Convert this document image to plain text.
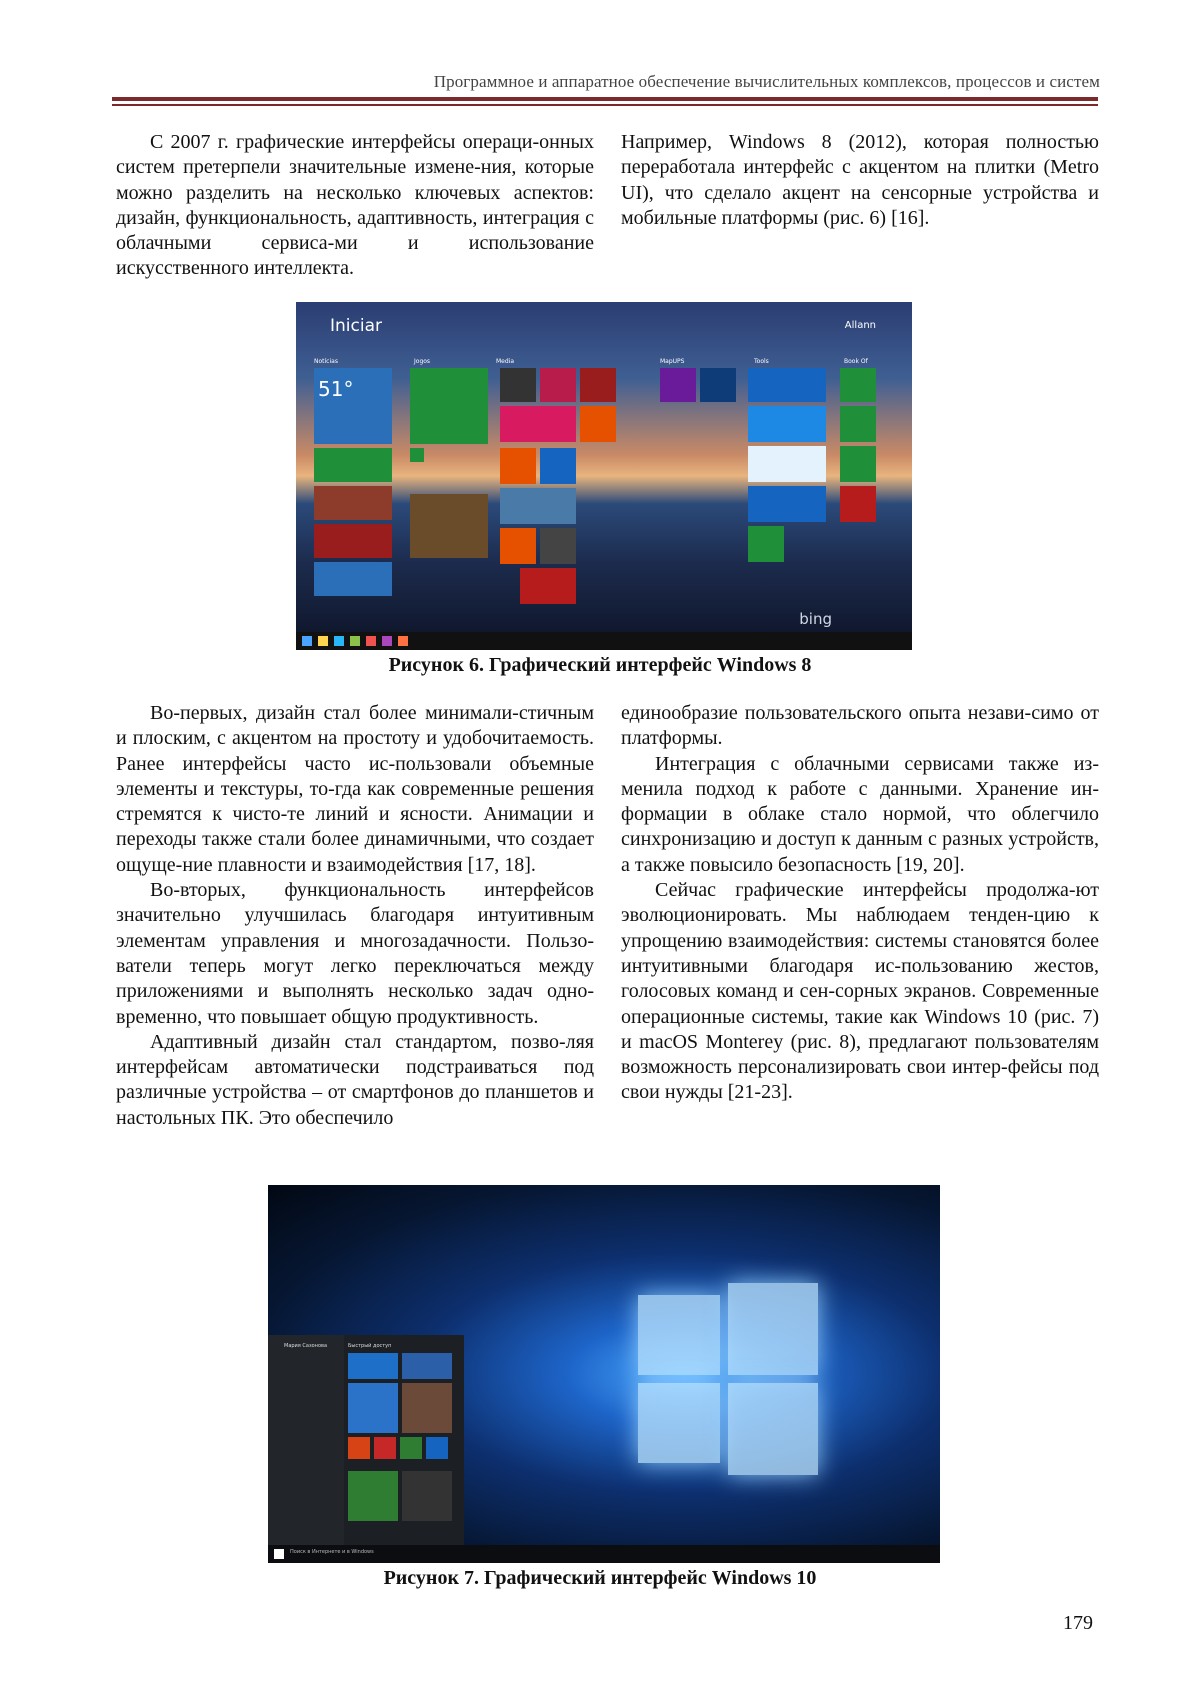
Программное и аппаратное обеспечение вычислительных комплексов, процессов и систем

С 2007 г. графические интерфейсы операци-онных систем претерпели значительные измене-ния, которые можно разделить на несколько ключевых аспектов: дизайн, функциональность, адаптивность, интеграция с облачными сервиса-ми и использование искусственного интеллекта.

Например, Windows 8 (2012), которая полностью переработала интерфейс с акцентом на плитки (Metro UI), что сделало акцент на сенсорные устройства и мобильные платформы (рис. 6) [16].

Iniciar	Allann
Notícias	Jogos	Media	MapUPS	Tools	Book Of
51°
bing
Рисунок 6. Графический интерфейс Windows 8

Во-первых, дизайн стал более минимали-стичным и плоским, с акцентом на простоту и удобочитаемость. Ранее интерфейсы часто ис-пользовали объемные элементы и текстуры, то-гда как современные решения стремятся к чисто-те линий и ясности. Анимации и переходы также стали более динамичными, что создает ощуще-ние плавности и взаимодействия [17, 18].

Во-вторых, функциональность интерфейсов значительно улучшилась благодаря интуитивным элементам управления и многозадачности. Пользо-ватели теперь могут легко переключаться между приложениями и выполнять несколько задач одно-временно, что повышает общую продуктивность.

Адаптивный дизайн стал стандартом, позво-ляя интерфейсам автоматически подстраиваться под различные устройства – от смартфонов до планшетов и настольных ПК. Это обеспечило

единообразие пользовательского опыта незави-симо от платформы.

Интеграция с облачными сервисами также из-менила подход к работе с данными. Хранение ин-формации в облаке стало нормой, что облегчило синхронизацию и доступ к данным с разных устройств, а также повысило безопасность [19, 20].

Сейчас графические интерфейсы продолжа-ют эволюционировать. Мы наблюдаем тенден-цию к упрощению взаимодействия: системы становятся более интуитивными благодаря ис-пользованию жестов, голосовых команд и сен-сорных экранов. Современные операционные системы, такие как Windows 10 (рис. 7) и macOS Monterey (рис. 8), предлагают пользователям возможность персонализировать свои интер-фейсы под свои нужды [21-23].

Мария Сазонова	Быстрый доступ
Поиск в Интернете и в Windows
Рисунок 7. Графический интерфейс Windows 10
179
